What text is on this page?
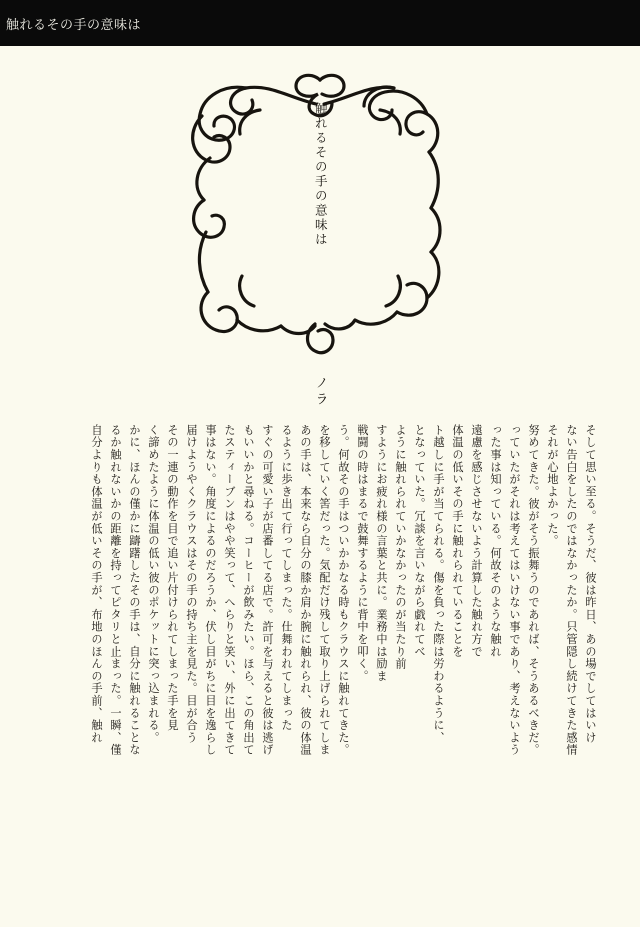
触れるその手の意味は
触れるその手の意味は
ノラ
自分よりも体温が低いその手が、布地のほんの手前、触れ るか触れないかの距離を持ってピタリと止まった。一瞬、僅 かに、ほんの僅かに躊躇したその手は、自分に触れることな く諦めたように体温の低い彼のポケットに突っ込まれる。 その一連の動作を目で追い片付けられてしまった手を見 届けようやくクラウスはその手の持ち主を見た。目が合う 事はない。角度によるのだろうか、伏し目がちに目を逸らし たスティーブンはやや笑って、へらりと笑い、外に出てきて もいいかと尋ねる。コーヒーが飲みたい。ほら、この角出て すぐの可愛い子が店番してる店で。許可を与えると彼は逃げ るように歩き出て行ってしまった。仕舞われてしまった あの手は、本来なら自分の膝か肩か腕に触れられ、彼の体温 を移していく筈だった。気配だけ残して取り上げられてしま う。何故その手はついかかなる時もクラウスに触れてきた。 戦闘の時はまるで鼓舞するように背中を叩く。 すようにお疲れ様の言葉と共に。業務中は励ま ように触れられていかなかったのが当たり前 となっていた。冗談を言いながら戯れてべ ト越しに手が当てられる。傷を負った際は労わるように、 体温の低いその手に触れられていることを 遠慮を感じさせないよう計算した触れ方で った事は知っている。何故そのような触れ っていたがそれは考えてはいけない事であり、考えないよう 努めてきた。彼がそう振舞うのであれば、そうあるべきだ。 それが心地よかった。 ない告白をしたのではなかったか。只管隠し続けてきた感情 そして思い至る。そうだ、彼は昨日、あの場でしてはいけ
